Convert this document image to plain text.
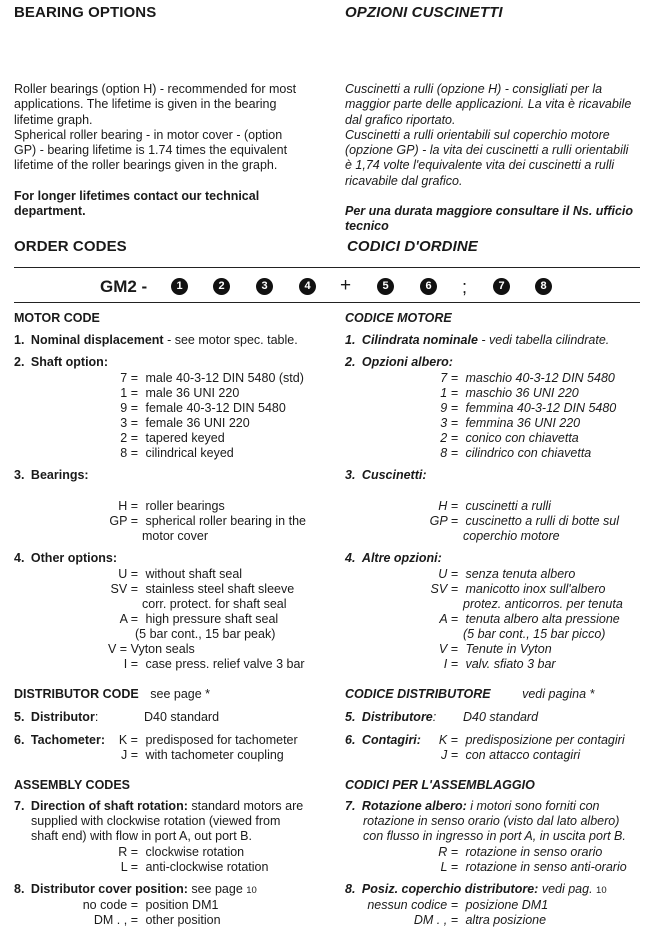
BEARING OPTIONS	OPZIONI CUSCINETTI
Roller bearings (option H) - recommended for most
applications. The lifetime is given in the bearing
lifetime graph.
Spherical roller bearing - in motor cover - (option
GP) - bearing lifetime is 1.74 times the equivalent
lifetime of the roller bearings given in the graph.
For longer lifetimes contact our technical
department.
Cuscinetti a rulli (opzione H) - consigliati per la
maggior parte delle applicazioni. La vita è ricavabile
dal grafico riportato.
Cuscinetti a rulli orientabili sul coperchio motore
(opzione GP) - la vita dei cuscinetti a rulli orientabili
è 1,74 volte l'equivalente vita dei cuscinetti a rulli
ricavabile dal grafico.
Per una durata maggiore consultare il Ns. ufficio
tecnico
ORDER CODES	CODICI D'ORDINE
GM2 -	1	2	3	4 +	5	6	;	7	8
MOTOR CODE
1. Nominal displacement - see motor spec. table.
2. Shaft option:
7 = male 40-3-12 DIN 5480 (std)
1 = male 36 UNI 220
9 = female 40-3-12 DIN 5480
3 = female 36 UNI 220
2 = tapered keyed
8 = cilindrical keyed
3. Bearings:
H = roller bearings
GP = spherical roller bearing in the
motor cover
4. Other options:
U = without shaft seal
SV = stainless steel shaft sleeve
corr. protect. for shaft seal
A = high pressure shaft seal
(5 bar cont., 15 bar peak)
V = Vyton seals
I = case press. relief valve 3 bar
DISTRIBUTOR CODE see page *
5. Distributor:	D40 standard
6. Tachometer:	K = predisposed for tachometer
J = with tachometer coupling
ASSEMBLY CODES
7. Direction of shaft rotation: standard motors are
supplied with clockwise rotation (viewed from
shaft end) with flow in port A, out port B.
R = clockwise rotation
L = anti-clockwise rotation
8. Distributor cover position: see page 10
no code = position DM1
DM . , = other position
CODICE MOTORE
1. Cilindrata nominale - vedi tabella cilindrate.
2. Opzioni albero:
7 = maschio 40-3-12 DIN 5480
1 = maschio 36 UNI 220
9 = femmina 40-3-12 DIN 5480
3 = femmina 36 UNI 220
2 = conico con chiavetta
8 = cilindrico con chiavetta
3. Cuscinetti:
H = cuscinetti a rulli
GP = cuscinetto a rulli di botte sul
coperchio motore
4. Altre opzioni:
U = senza tenuta albero
SV = manicotto inox sull'albero
protez. anticorros. per tenuta
A = tenuta albero alta pressione
(5 bar cont., 15 bar picco)
V = Tenute in Vyton
I = valv. sfiato 3 bar
CODICE DISTRIBUTORE	vedi pagina *
5. Distributore: D40 standard
6. Contagiri:	K = predisposizione per contagiri
J = con attacco contagiri
CODICI PER L'ASSEMBLAGGIO
7. Rotazione albero: i motori sono forniti con
rotazione in senso orario (visto dal lato albero)
con flusso in ingresso in port A, in uscita port B.
R = rotazione in senso orario
L = rotazione in senso anti-orario
8. Posiz. coperchio distributore: vedi pag. 10
nessun codice = posizione DM1
DM . , = altra posizione
